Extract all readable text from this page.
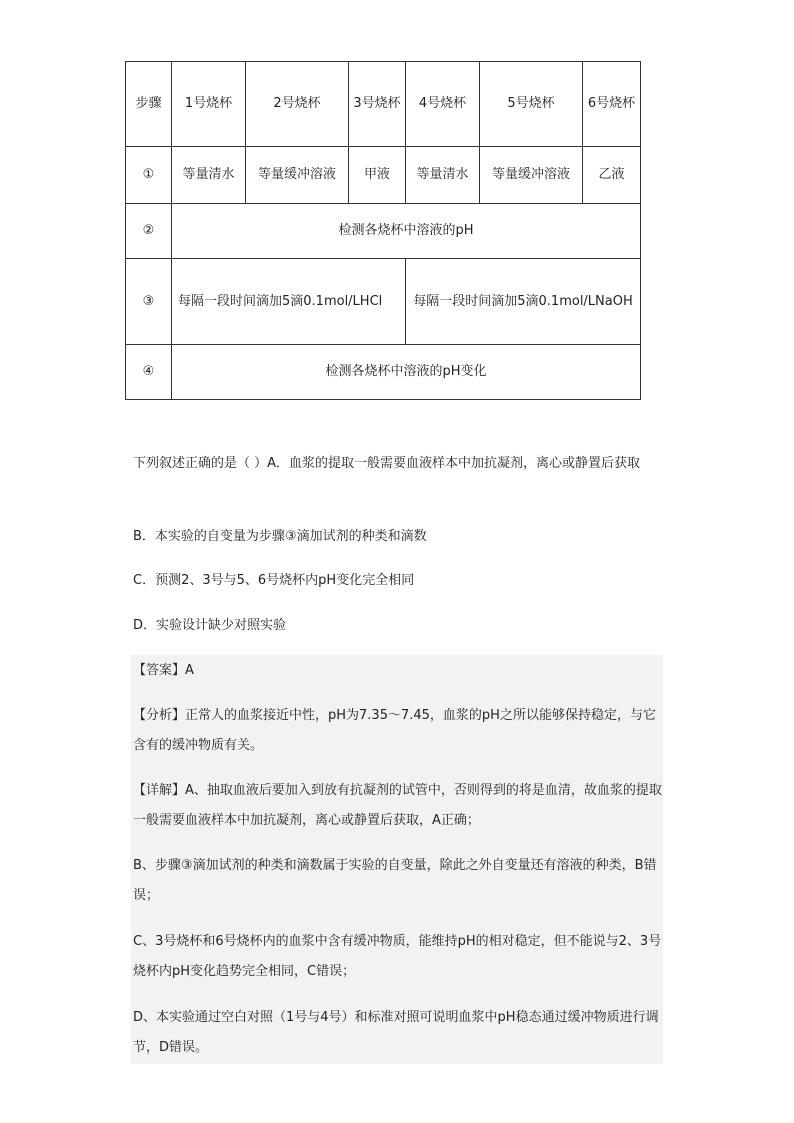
步骤	1号烧杯	2号烧杯	3号烧杯	4号烧杯	5号烧杯	6号烧杯
①	等量清水	等量缓冲溶液	甲液	等量清水	等量缓冲溶液	乙液
②	检测各烧杯中溶液的pH					
③	每隔一段时间滴加5滴0.1mol/LHCl			每隔一段时间滴加5滴0.1mol/LNaOH		
④	检测各烧杯中溶液的pH变化					
下列叙述正确的是（ ）A．血浆的提取一般需要血液样本中加抗凝剂，离心或静置后获取
B．本实验的自变量为步骤③滴加试剂的种类和滴数
C．预测2、3号与5、6号烧杯内pH变化完全相同
D．实验设计缺少对照实验
【答案】A
【分析】正常人的血浆接近中性，pH为7.35～7.45，血浆的pH之所以能够保持稳定，与它含有的缓冲物质有关。
【详解】A、抽取血液后要加入到放有抗凝剂的试管中，否则得到的将是血清，故血浆的提取一般需要血液样本中加抗凝剂，离心或静置后获取，A正确；
B、步骤③滴加试剂的种类和滴数属于实验的自变量，除此之外自变量还有溶液的种类，B错误；
C、3号烧杯和6号烧杯内的血浆中含有缓冲物质，能维持pH的相对稳定，但不能说与2、3号烧杯内pH变化趋势完全相同，C错误；
D、本实验通过空白对照（1号与4号）和标准对照可说明血浆中pH稳态通过缓冲物质进行调节，D错误。
